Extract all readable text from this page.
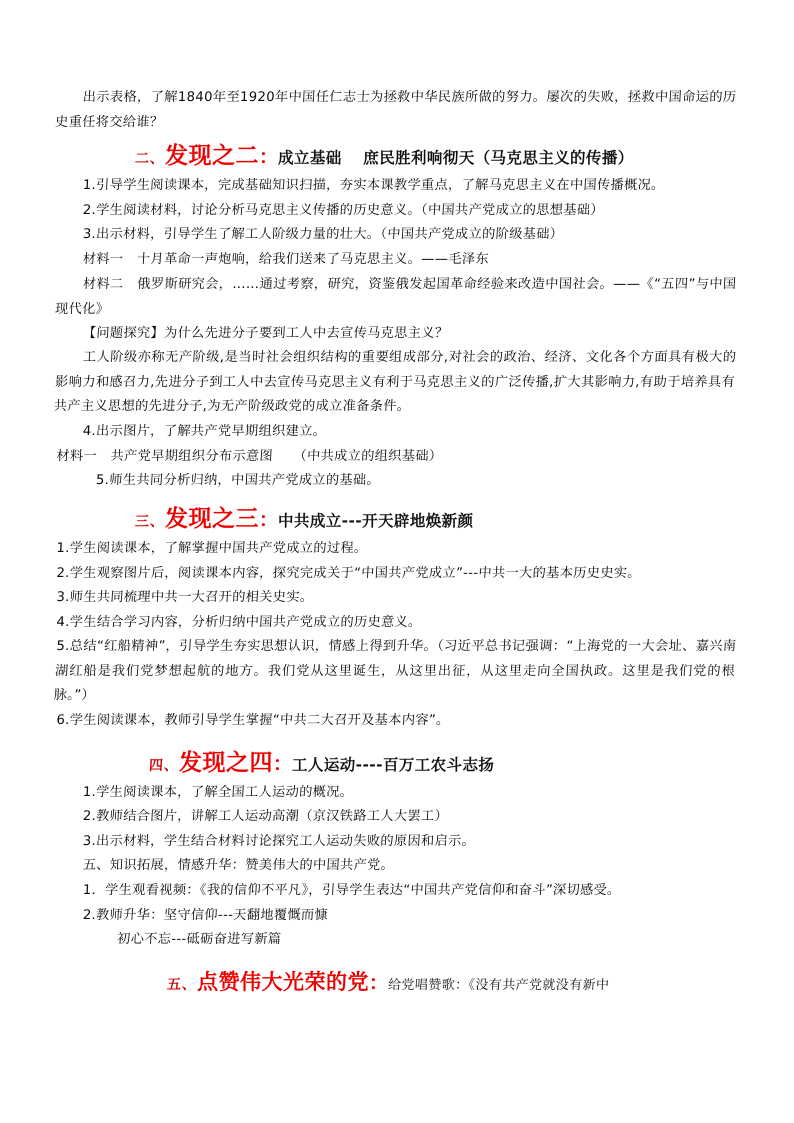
出示表格，了解1840年至1920年中国任仁志士为拯救中华民族所做的努力。屡次的失败，拯救中国命运的历史重任将交给谁？

二、发现之二：成立基础　 庶民胜利响彻天（马克思主义的传播）

1.引导学生阅读课本，完成基础知识扫描，夯实本课教学重点，了解马克思主义在中国传播概况。

2.学生阅读材料，讨论分析马克思主义传播的历史意义。（中国共产党成立的思想基础）

3.出示材料，引导学生了解工人阶级力量的壮大。（中国共产党成立的阶级基础）

材料一　十月革命一声炮响，给我们送来了马克思主义。——毛泽东

材料二　俄罗斯研究会，……通过考察，研究，资鉴俄发起国革命经验来改造中国社会。——《“五四”与中国现代化》

【问题探究】为什么先进分子要到工人中去宣传马克思主义？

工人阶级亦称无产阶级,是当时社会组织结构的重要组成部分,对社会的政治、经济、文化各个方面具有极大的影响力和感召力,先进分子到工人中去宣传马克思主义有利于马克思主义的广泛传播,扩大其影响力,有助于培养具有共产主义思想的先进分子,为无产阶级政党的成立准备条件。

4.出示图片，了解共产党早期组织建立。

材料一　共产党早期组织分布示意图　　（中共成立的组织基础）

5.师生共同分析归纳，中国共产党成立的基础。

三、发现之三：中共成立---开天辟地焕新颜

1.学生阅读课本，了解掌握中国共产党成立的过程。

2.学生观察图片后，阅读课本内容，探究完成关于“中国共产党成立”---中共一大的基本历史史实。

3.师生共同梳理中共一大召开的相关史实。

4.学生结合学习内容，分析归纳中国共产党成立的历史意义。

5.总结“红船精神”，引导学生夯实思想认识，情感上得到升华。（习近平总书记强调：“上海党的一大会址、嘉兴南湖红船是我们党梦想起航的地方。我们党从这里诞生，从这里出征，从这里走向全国执政。这里是我们党的根脉。”）

6.学生阅读课本，教师引导学生掌握“中共二大召开及基本内容”。

四、发现之四：工人运动----百万工农斗志扬

1.学生阅读课本，了解全国工人运动的概况。

2.教师结合图片，讲解工人运动高潮（京汉铁路工人大罢工）

3.出示材料，学生结合材料讨论探究工人运动失败的原因和启示。

五、知识拓展，情感升华：赞美伟大的中国共产党。

1．学生观看视频：《我的信仰不平凡》，引导学生表达“中国共产党信仰和奋斗”深切感受。

2.教师升华：坚守信仰---天翻地覆慨而慷

初心不忘---砥砺奋进写新篇

五、点赞伟大光荣的党：给党唱赞歌：《没有共产党就没有新中
